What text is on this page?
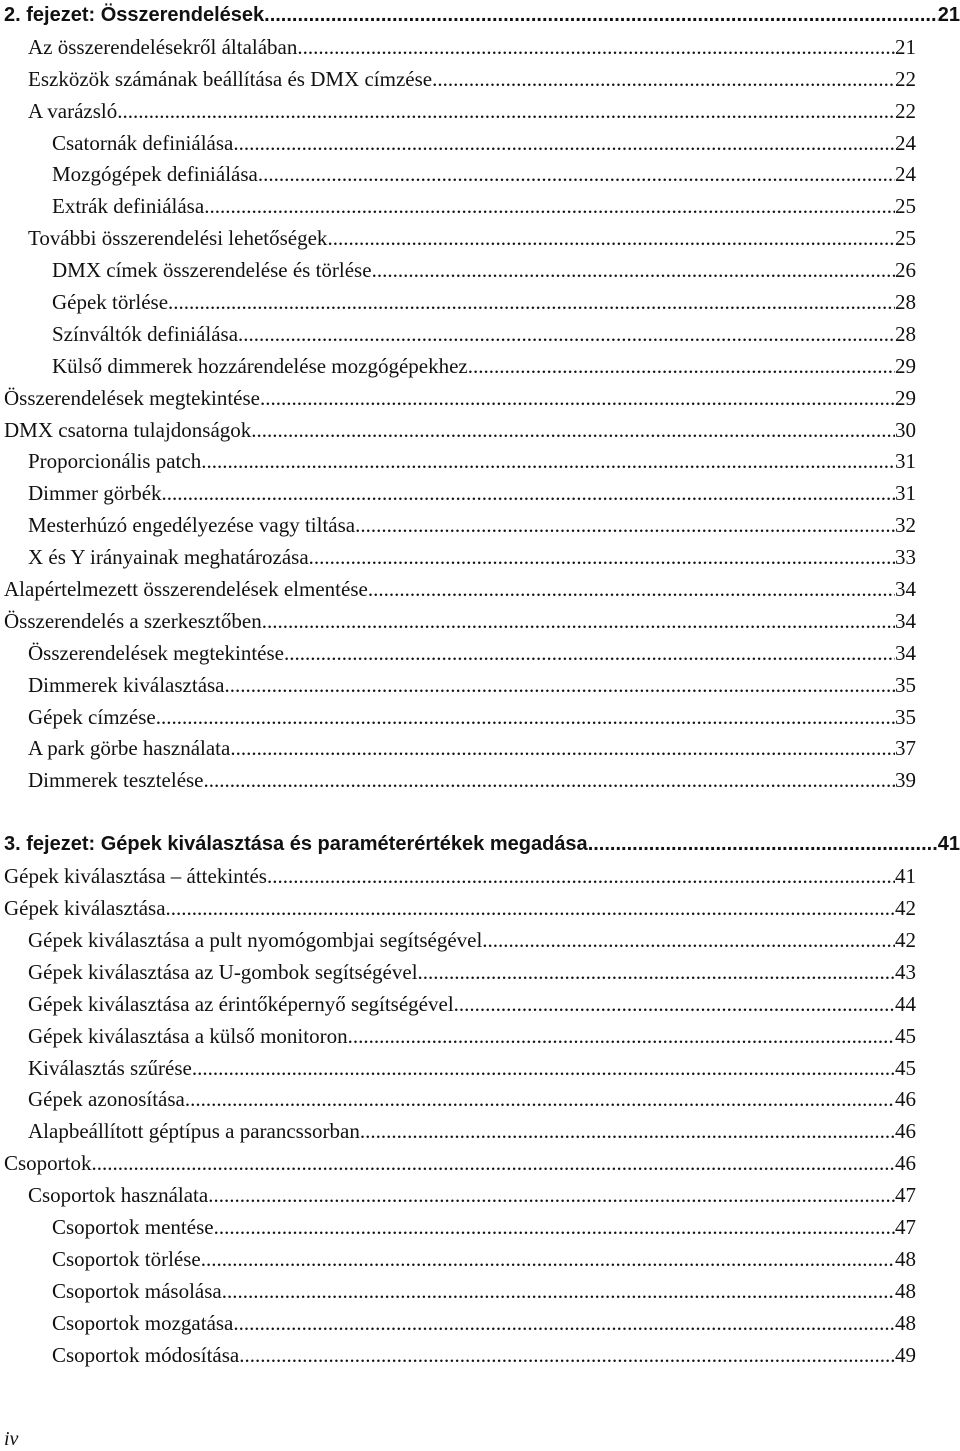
2. fejezet: Összerendelések .....	21
Az összerendelésekről általában .....	21
Eszközök számának beállítása és DMX címzése .....	22
A varázsló .....	22
Csatornák definiálása .....	24
Mozgógépek definiálása .....	24
Extrák definiálása .....	25
További összerendelési lehetőségek .....	25
DMX címek összerendelése és törlése .....	26
Gépek törlése .....	28
Színváltók definiálása .....	28
Külső dimmerek hozzárendelése mozgógépekhez .....	29
Összerendelések megtekintése .....	29
DMX csatorna tulajdonságok .....	30
Proporcionális patch .....	31
Dimmer görbék .....	31
Mesterhúzó engedélyezése vagy tiltása .....	32
X és Y irányainak meghatározása .....	33
Alapértelmezett összerendelések elmentése .....	34
Összerendelés a szerkesztőben .....	34
Összerendelések megtekintése .....	34
Dimmerek kiválasztása .....	35
Gépek címzése .....	35
A park görbe használata .....	37
Dimmerek tesztelése .....	39
3. fejezet: Gépek kiválasztása és paraméterértékek megadása .....	41
Gépek kiválasztása – áttekintés .....	41
Gépek kiválasztása .....	42
Gépek kiválasztása a pult nyomógombjai segítségével .....	42
Gépek kiválasztása az U-gombok segítségével .....	43
Gépek kiválasztása az érintőképernyő segítségével .....	44
Gépek kiválasztása a külső monitoron .....	45
Kiválasztás szűrése .....	45
Gépek azonosítása .....	46
Alapbeállított géptípus a parancssorban .....	46
Csoportok .....	46
Csoportok használata .....	47
Csoportok mentése .....	47
Csoportok törlése .....	48
Csoportok másolása .....	48
Csoportok mozgatása .....	48
Csoportok módosítása .....	49
iv
